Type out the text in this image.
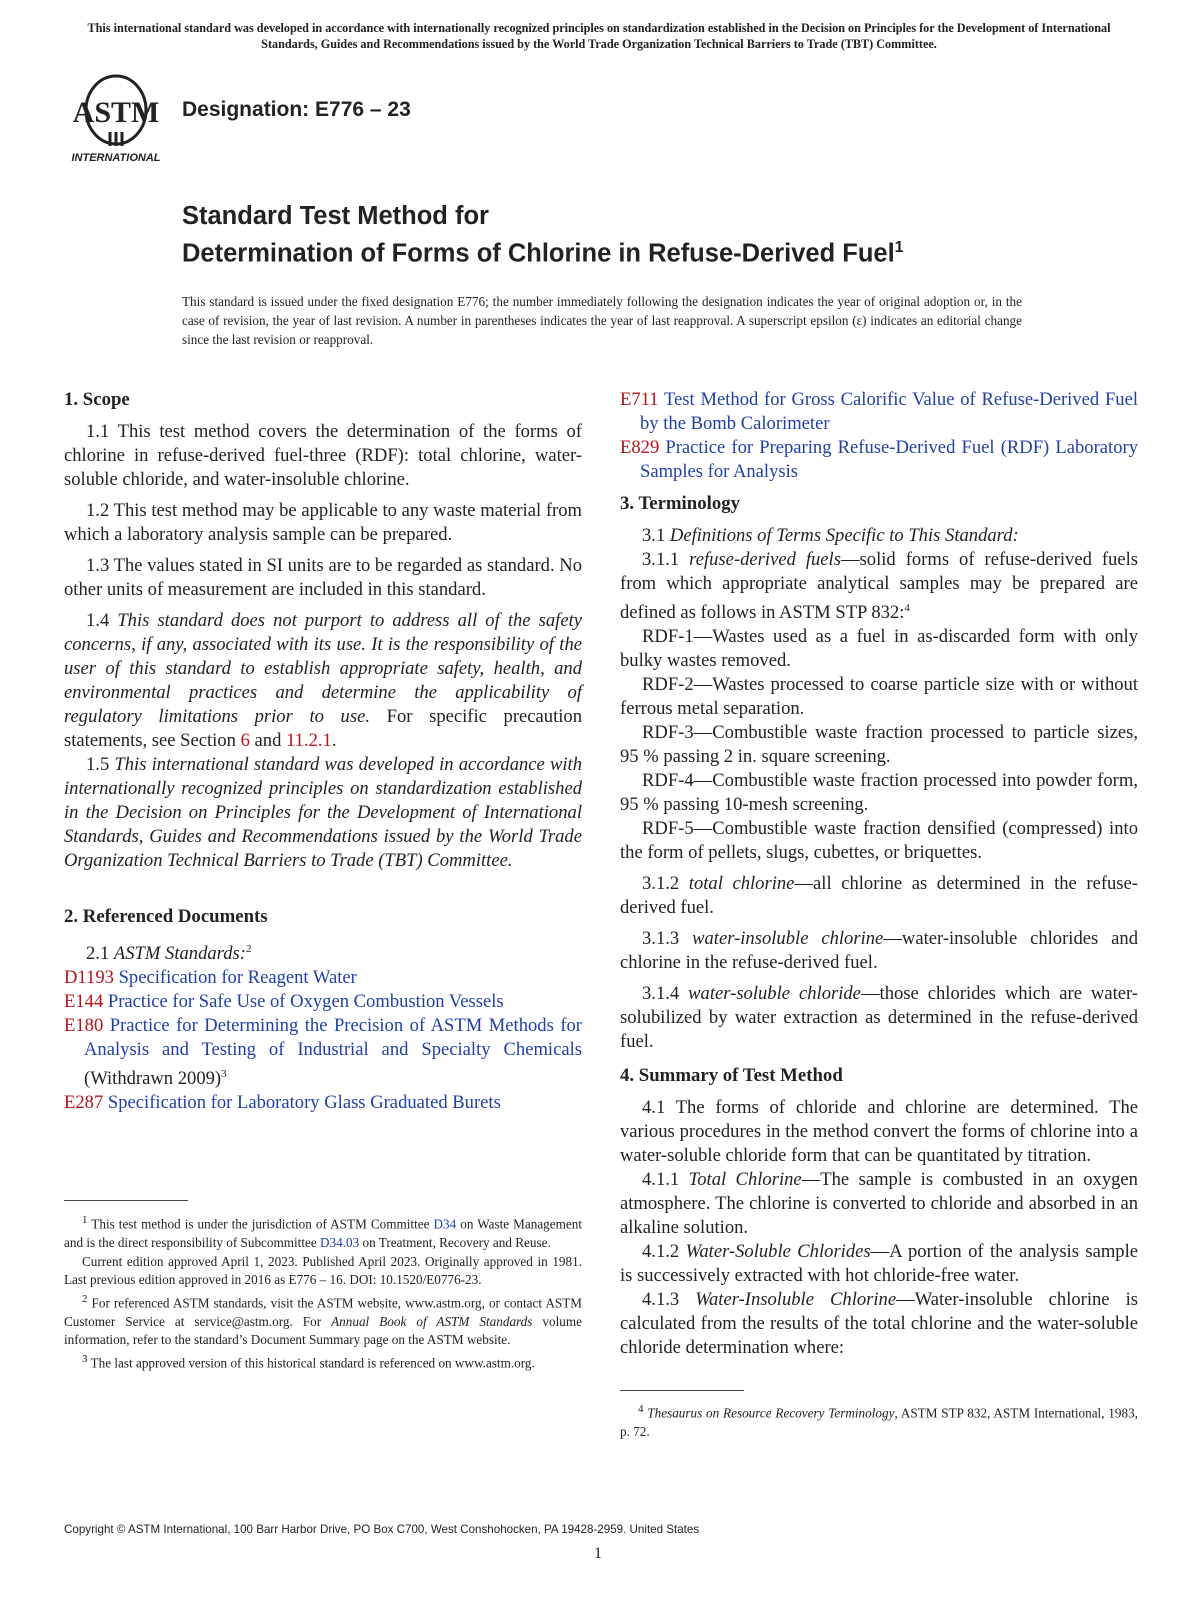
This international standard was developed in accordance with internationally recognized principles on standardization established in the Decision on Principles for the Development of International Standards, Guides and Recommendations issued by the World Trade Organization Technical Barriers to Trade (TBT) Committee.
ASTM
INTERNATIONAL
Designation: E776 – 23
Standard Test Method for
Determination of Forms of Chlorine in Refuse-Derived Fuel$^1$
This standard is issued under the fixed designation E776; the number immediately following the designation indicates the year of original adoption or, in the case of revision, the year of last revision. A number in parentheses indicates the year of last reapproval. A superscript epsilon (ε) indicates an editorial change since the last revision or reapproval.
1. Scope

1.1 This test method covers the determination of the forms of chlorine in refuse-derived fuel-three (RDF): total chlorine, water-soluble chloride, and water-insoluble chlorine.

1.2 This test method may be applicable to any waste material from which a laboratory analysis sample can be prepared.

1.3 The values stated in SI units are to be regarded as standard. No other units of measurement are included in this standard.

1.4 This standard does not purport to address all of the safety concerns, if any, associated with its use. It is the responsibility of the user of this standard to establish appropriate safety, health, and environmental practices and determine the applicability of regulatory limitations prior to use. For specific precaution statements, see Section 6 and 11.2.1.

1.5 This international standard was developed in accordance with internationally recognized principles on standardization established in the Decision on Principles for the Development of International Standards, Guides and Recommendations issued by the World Trade Organization Technical Barriers to Trade (TBT) Committee.

2. Referenced Documents

2.1 ASTM Standards:$^2$

D1193 Specification for Reagent Water

E144 Practice for Safe Use of Oxygen Combustion Vessels

E180 Practice for Determining the Precision of ASTM Methods for Analysis and Testing of Industrial and Specialty Chemicals (Withdrawn 2009)$^3$

E287 Specification for Laboratory Glass Graduated Burets

$^1$ This test method is under the jurisdiction of ASTM Committee D34 on Waste Management and is the direct responsibility of Subcommittee D34.03 on Treatment, Recovery and Reuse.

Current edition approved April 1, 2023. Published April 2023. Originally approved in 1981. Last previous edition approved in 2016 as E776 – 16. DOI: 10.1520/E0776-23.

$^2$ For referenced ASTM standards, visit the ASTM website, www.astm.org, or contact ASTM Customer Service at service@astm.org. For Annual Book of ASTM Standards volume information, refer to the standard’s Document Summary page on the ASTM website.

$^3$ The last approved version of this historical standard is referenced on www.astm.org.

E711 Test Method for Gross Calorific Value of Refuse-Derived Fuel by the Bomb Calorimeter

E829 Practice for Preparing Refuse-Derived Fuel (RDF) Laboratory Samples for Analysis

3. Terminology

3.1 Definitions of Terms Specific to This Standard:

3.1.1 refuse-derived fuels—solid forms of refuse-derived fuels from which appropriate analytical samples may be prepared are defined as follows in ASTM STP 832:$^4$

RDF-1—Wastes used as a fuel in as-discarded form with only bulky wastes removed.

RDF-2—Wastes processed to coarse particle size with or without ferrous metal separation.

RDF-3—Combustible waste fraction processed to particle sizes, 95 % passing 2 in. square screening.

RDF-4—Combustible waste fraction processed into powder form, 95 % passing 10-mesh screening.

RDF-5—Combustible waste fraction densified (compressed) into the form of pellets, slugs, cubettes, or briquettes.

3.1.2 total chlorine—all chlorine as determined in the refuse-derived fuel.

3.1.3 water-insoluble chlorine—water-insoluble chlorides and chlorine in the refuse-derived fuel.

3.1.4 water-soluble chloride—those chlorides which are water-solubilized by water extraction as determined in the refuse-derived fuel.

4. Summary of Test Method

4.1 The forms of chloride and chlorine are determined. The various procedures in the method convert the forms of chlorine into a water-soluble chloride form that can be quantitated by titration.

4.1.1 Total Chlorine—The sample is combusted in an oxygen atmosphere. The chlorine is converted to chloride and absorbed in an alkaline solution.

4.1.2 Water-Soluble Chlorides—A portion of the analysis sample is successively extracted with hot chloride-free water.

4.1.3 Water-Insoluble Chlorine—Water-insoluble chlorine is calculated from the results of the total chlorine and the water-soluble chloride determination where:

$^4$ Thesaurus on Resource Recovery Terminology, ASTM STP 832, ASTM International, 1983, p. 72.

Copyright © ASTM International, 100 Barr Harbor Drive, PO Box C700, West Conshohocken, PA 19428-2959. United States
1
